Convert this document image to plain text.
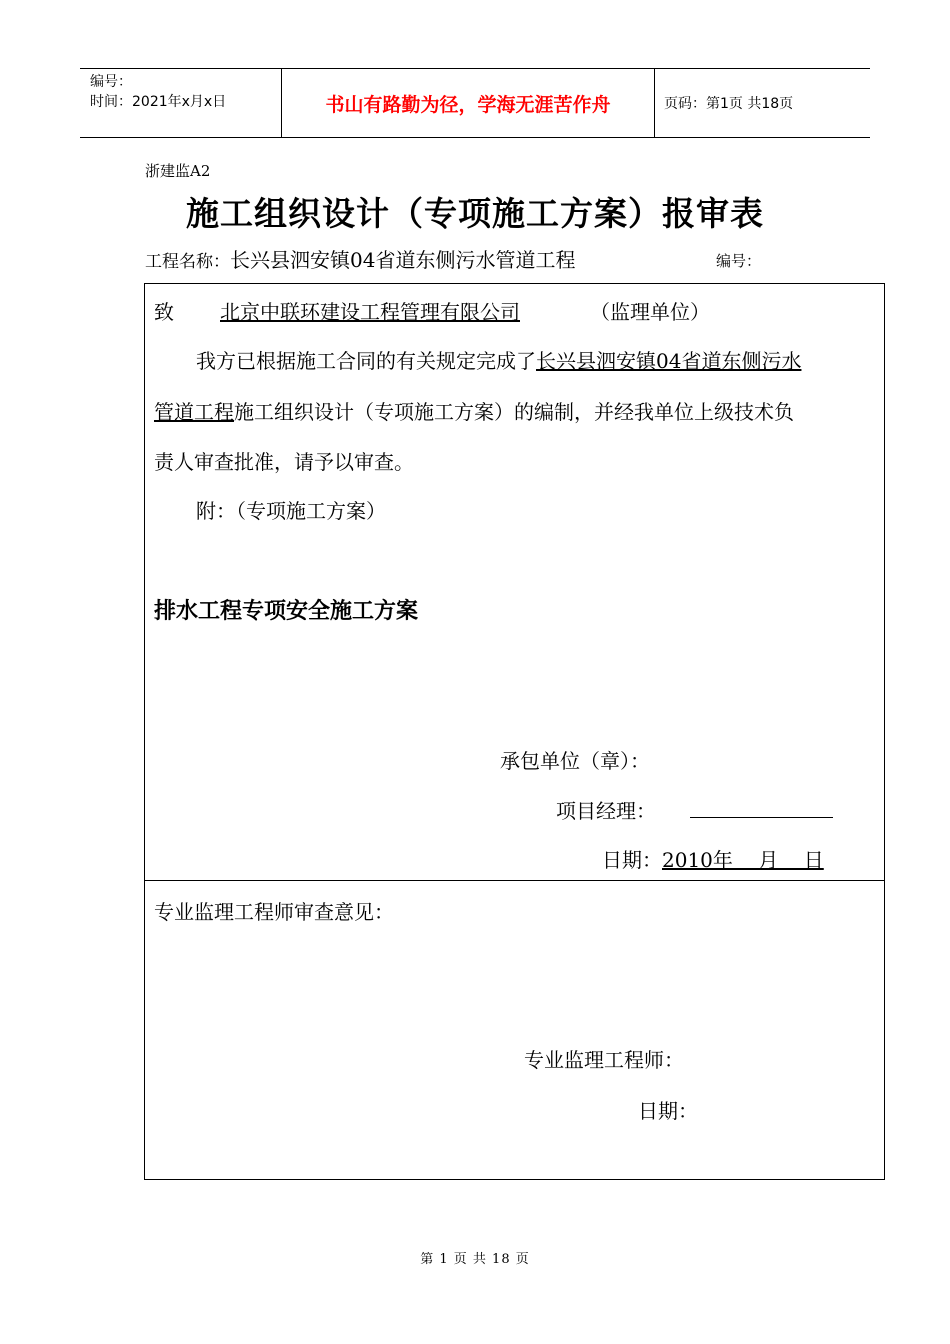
编号：
时间：2021年x月x日	书山有路勤为径，学海无涯苦作舟	页码：第1页 共18页
浙建监A2
施工组织设计（专项施工方案）报审表
工程名称：长兴县泗安镇04省道东侧污水管道工程	编号：
致 北京中联环建设工程管理有限公司	（监理单位）
我方已根据施工合同的有关规定完成了长兴县泗安镇04省道东侧污水
管道工程施工组织设计（专项施工方案）的编制，并经我单位上级技术负
责人审查批准，请予以审查。
附：（专项施工方案）
排水工程专项安全施工方案
承包单位（章）：
项目经理：
日期：2010年    月    日
专业监理工程师审查意见：
专业监理工程师：
日期：
第 1 页 共 18 页
